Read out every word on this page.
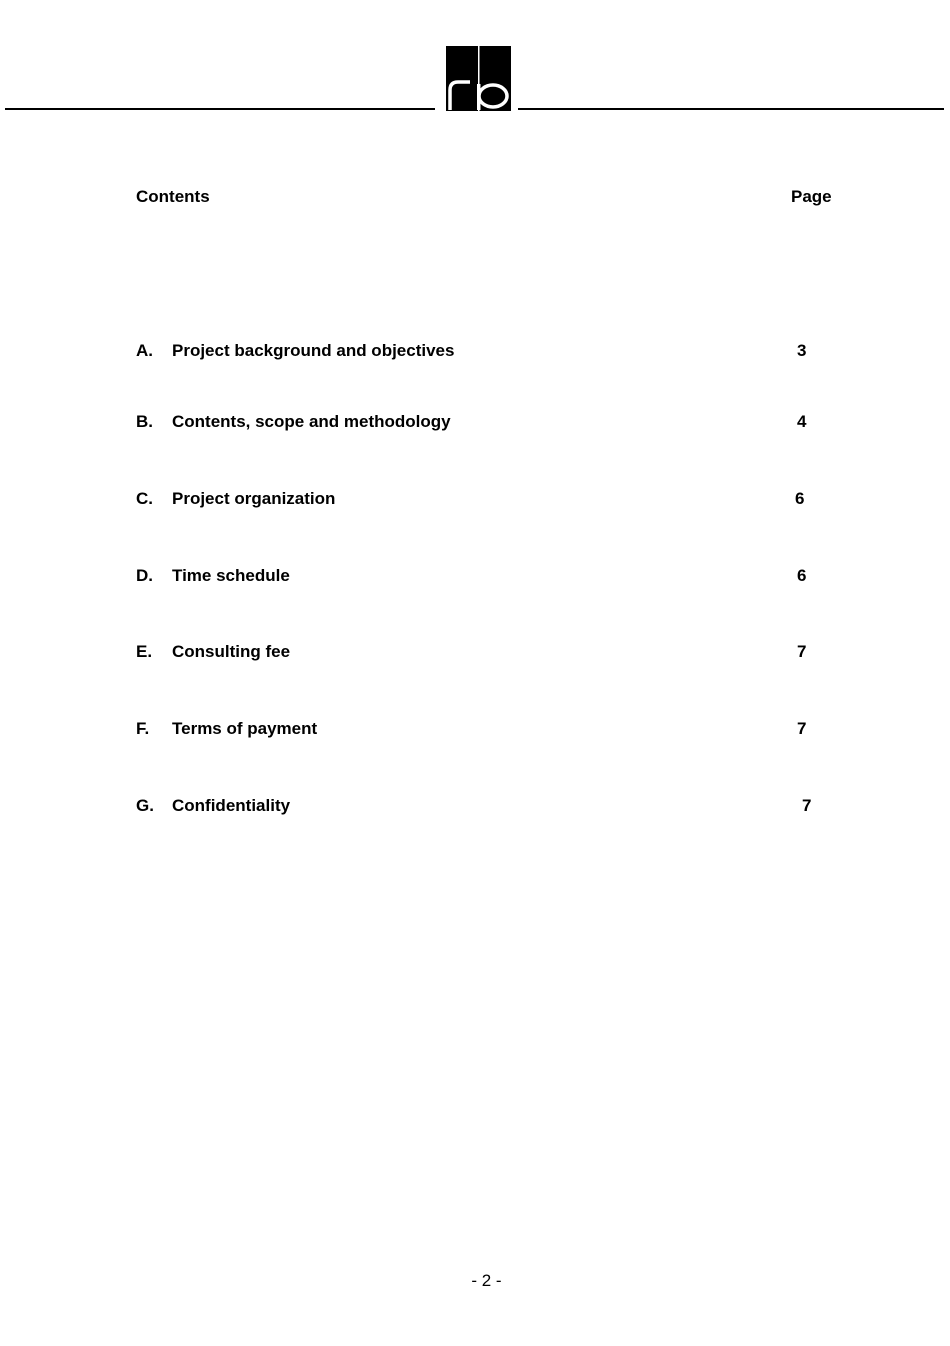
Contents	Page
A. Project background and objectives	3
B. Contents, scope and methodology	4
C. Project organization	6
D. Time schedule	6
E. Consulting fee	7
F. Terms of payment	7
G. Confidentiality	7
- 2 -
